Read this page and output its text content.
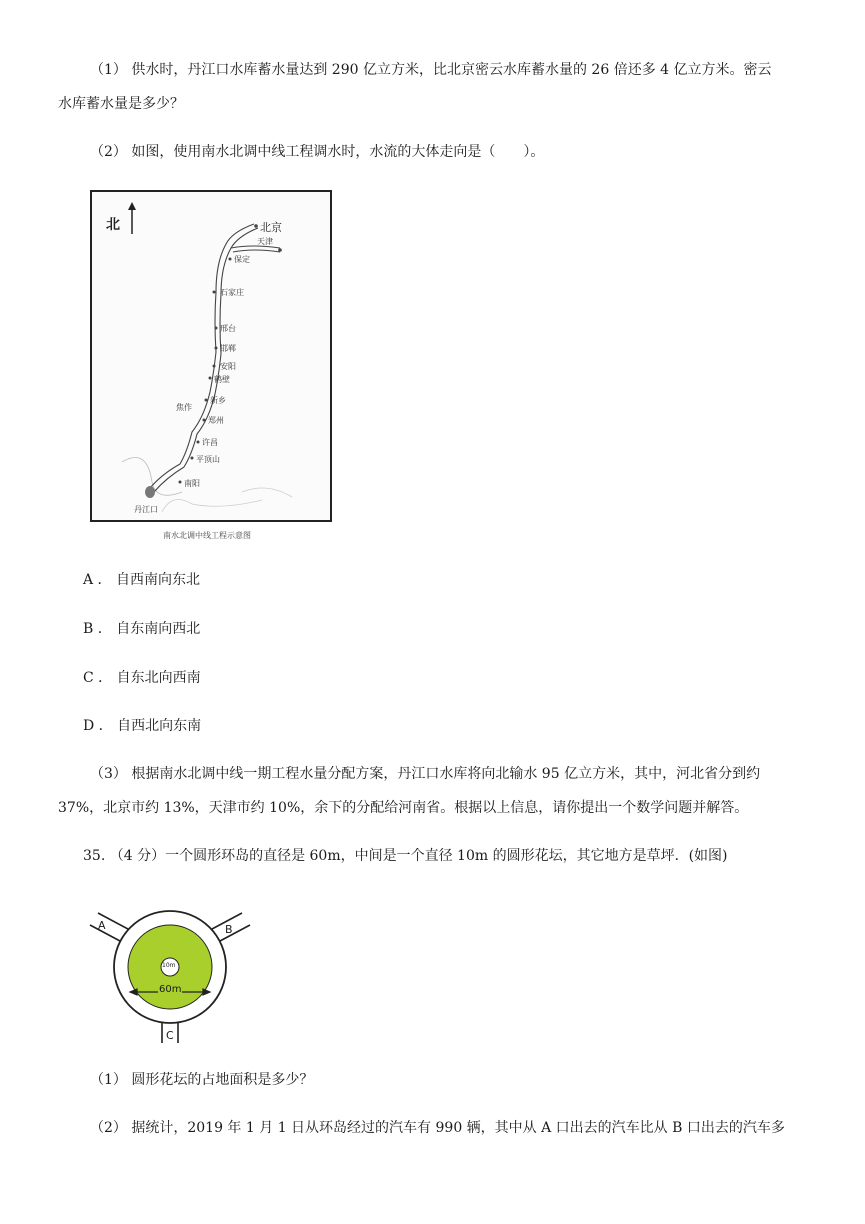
（1） 供水时，丹江口水库蓄水量达到 290 亿立方米，比北京密云水库蓄水量的 26 倍还多 4 亿立方米。密云
水库蓄水量是多少？
（2） 如图，使用南水北调中线工程调水时，水流的大体走向是（　　）。
北	北京
天津
保定
石家庄
邢台
邯郸
安阳
鹤壁
新乡
焦作
郑州
许昌
平顶山
南阳
丹江口
南水北调中线工程示意图
A ． 自西南向东北
B ． 自东南向西北
C ． 自东北向西南
D ． 自西北向东南
（3） 根据南水北调中线一期工程水量分配方案，丹江口水库将向北输水 95 亿立方米，其中，河北省分到约
37%，北京市约 13%，天津市约 10%，余下的分配给河南省。根据以上信息，请你提出一个数学问题并解答。
35. （4 分）一个圆形环岛的直径是 60m，中间是一个直径 10m 的圆形花坛，其它地方是草坪．(如图)
A	B
C
10m
60m
（1） 圆形花坛的占地面积是多少？
（2） 据统计，2019 年 1 月 1 日从环岛经过的汽车有 990 辆，其中从 A 口出去的汽车比从 B 口出去的汽车多
